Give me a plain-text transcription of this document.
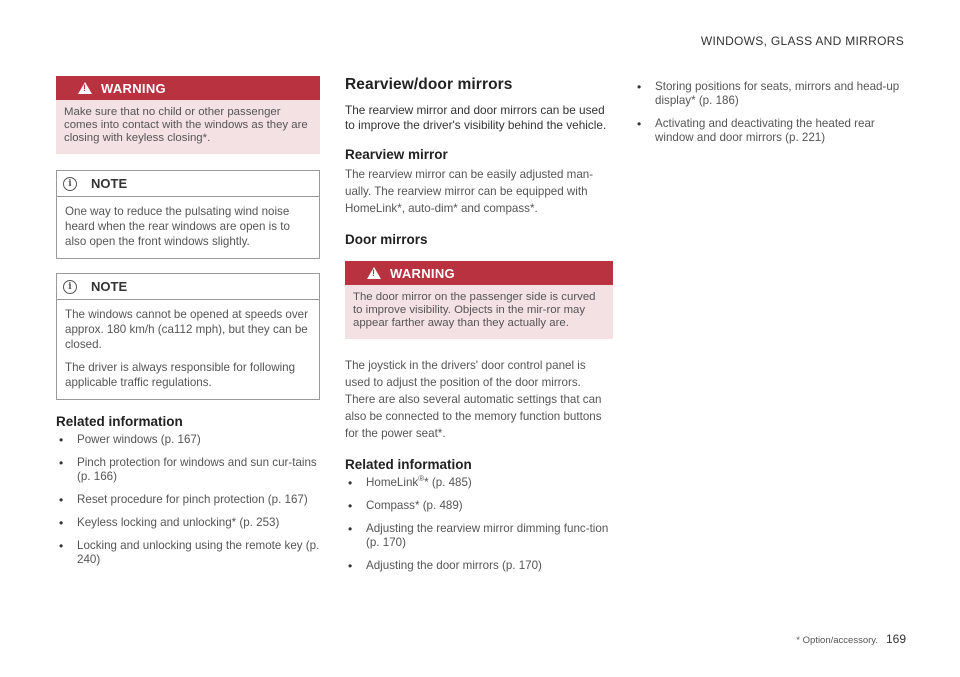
WINDOWS, GLASS AND MIRRORS
!
WARNING
Make sure that no child or other passenger comes into contact with the windows as they are closing with keyless closing*.
i	NOTE

One way to reduce the pulsating wind noise heard when the rear windows are open is to also open the front windows slightly.

i	NOTE

The windows cannot be opened at speeds over approx. 180 km/h (ca112 mph), but they can be closed.

The driver is always responsible for following applicable traffic regulations.

Related information
• Power windows (p. 167)
• Pinch protection for windows and sun cur-tains (p. 166)
• Reset procedure for pinch protection (p. 167)
• Keyless locking and unlocking* (p. 253)
• Locking and unlocking using the remote key (p. 240)
Rearview/door mirrors

The rearview mirror and door mirrors can be used to improve the driver's visibility behind the vehicle.

Rearview mirror

The rearview mirror can be easily adjusted man-ually. The rearview mirror can be equipped with HomeLink*, auto-dim* and compass*.

Door mirrors
!
WARNING
The door mirror on the passenger side is curved to improve visibility. Objects in the mir-ror may appear farther away than they actually are.

The joystick in the drivers' door control panel is used to adjust the position of the door mirrors. There are also several automatic settings that can also be connected to the memory function buttons for the power seat*.

Related information
• HomeLink®* (p. 485)
• Compass* (p. 489)
• Adjusting the rearview mirror dimming func-tion (p. 170)
• Adjusting the door mirrors (p. 170)
• Storing positions for seats, mirrors and head-up display* (p. 186)
• Activating and deactivating the heated rear window and door mirrors (p. 221)
* Option/accessory. 169
